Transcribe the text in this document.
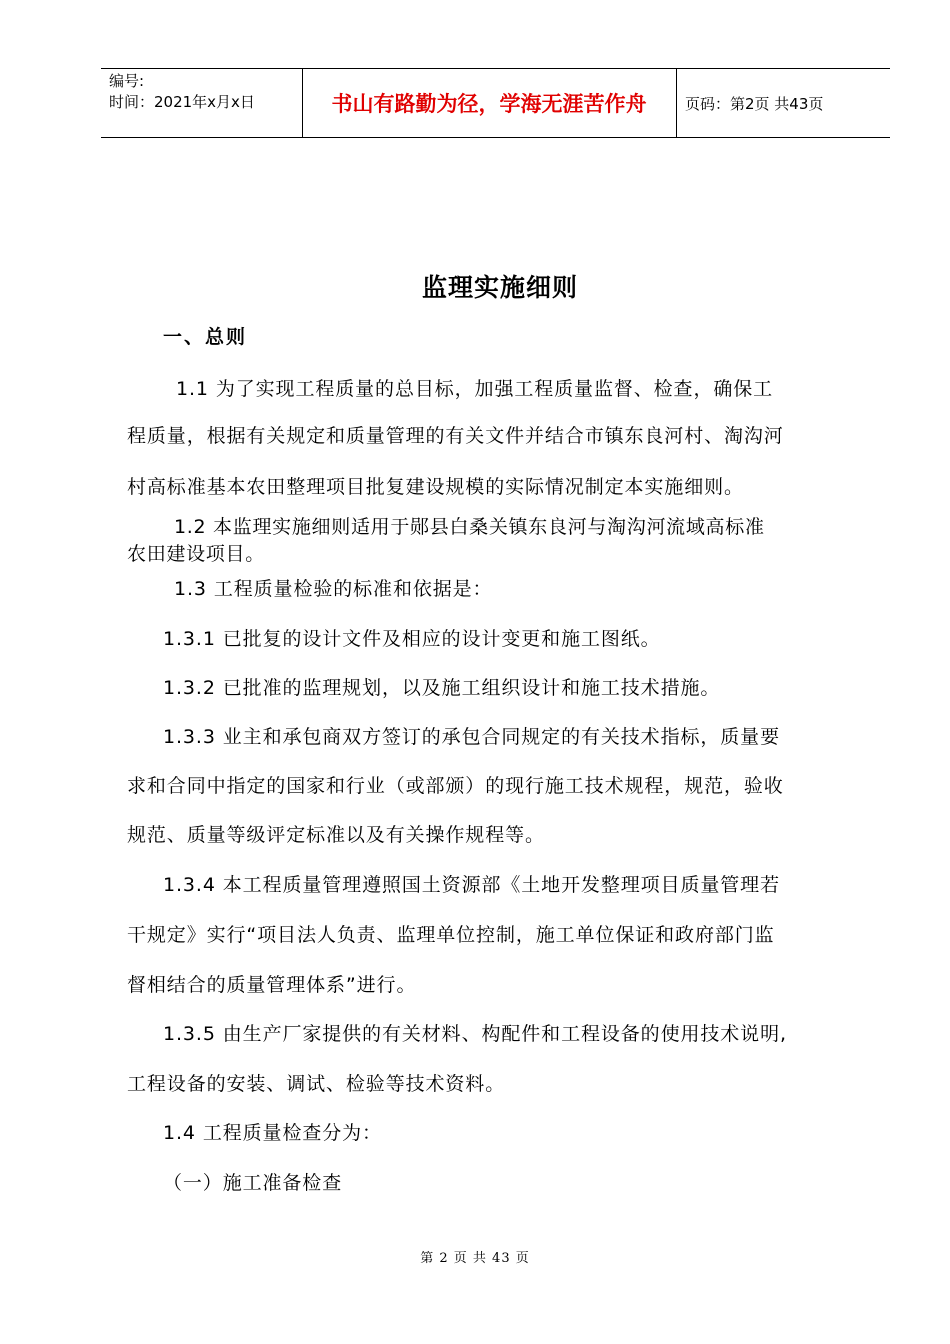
编号:
时间：2021年x月x日	书山有路勤为径，学海无涯苦作舟	页码：第2页 共43页
监理实施细则
一、总则
1.1 为了实现工程质量的总目标，加强工程质量监督、检查，确保工
程质量，根据有关规定和质量管理的有关文件并结合市镇东良河村、淘沟河
村高标准基本农田整理项目批复建设规模的实际情况制定本实施细则。
1.2 本监理实施细则适用于郧县白桑关镇东良河与淘沟河流域高标准
农田建设项目。
1.3 工程质量检验的标准和依据是：
1.3.1 已批复的设计文件及相应的设计变更和施工图纸。
1.3.2 已批准的监理规划，以及施工组织设计和施工技术措施。
1.3.3 业主和承包商双方签订的承包合同规定的有关技术指标，质量要
求和合同中指定的国家和行业（或部颁）的现行施工技术规程，规范，验收
规范、质量等级评定标准以及有关操作规程等。
1.3.4 本工程质量管理遵照国土资源部《土地开发整理项目质量管理若
干规定》实行“项目法人负责、监理单位控制，施工单位保证和政府部门监
督相结合的质量管理体系”进行。
1.3.5 由生产厂家提供的有关材料、构配件和工程设备的使用技术说明,
工程设备的安装、调试、检验等技术资料。
1.4 工程质量检查分为：
（一）施工准备检查
第 2 页 共 43 页
